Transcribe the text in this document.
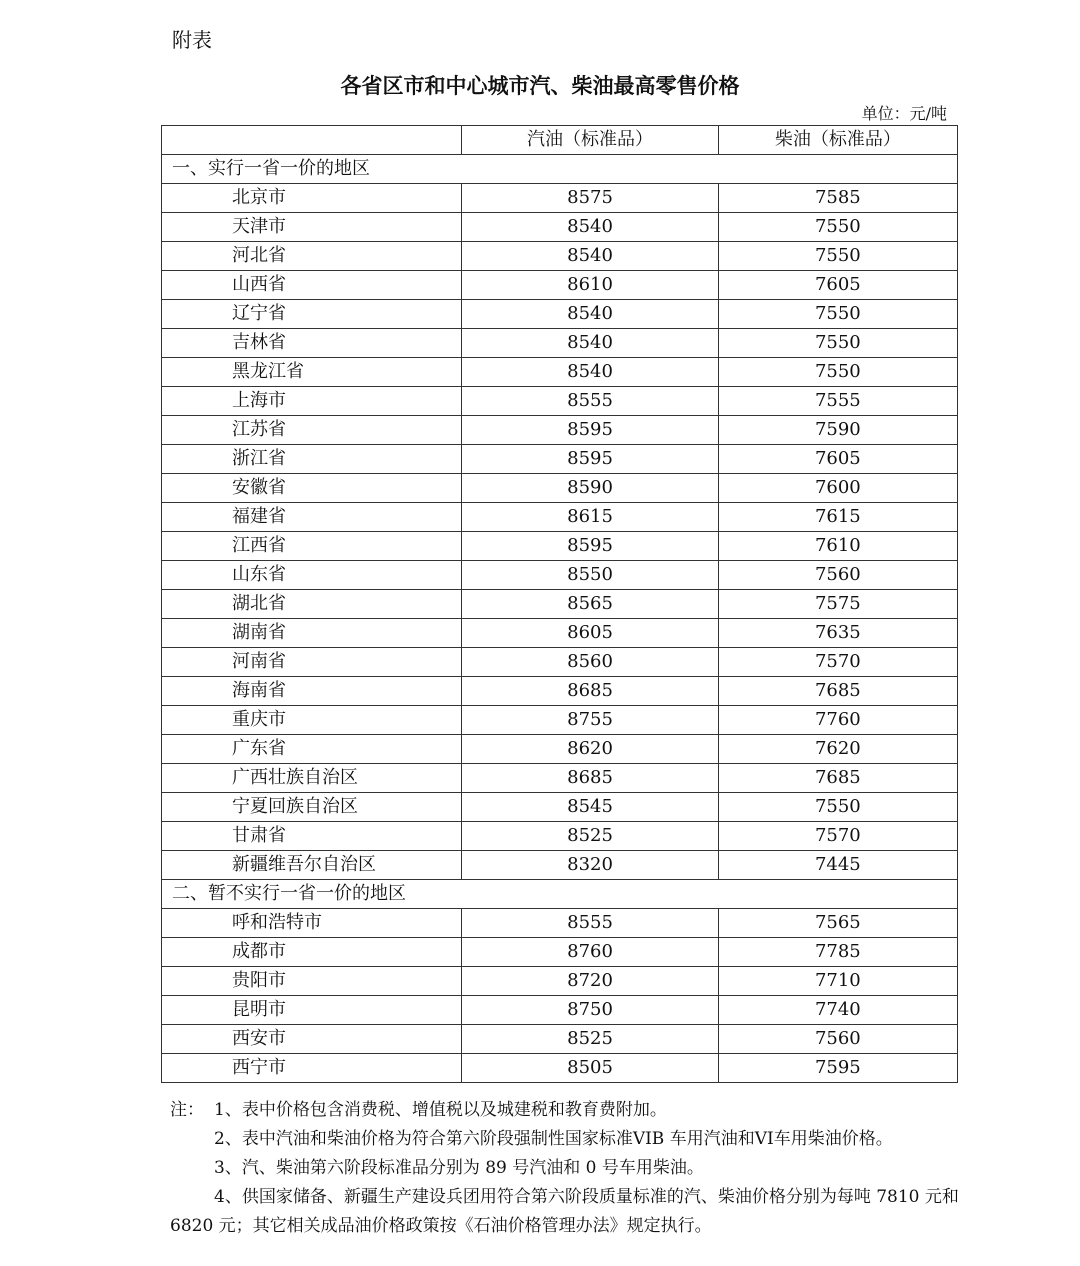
附表
各省区市和中心城市汽、柴油最高零售价格
单位：元/吨
	汽油（标准品）	柴油（标准品）
一、实行一省一价的地区		
北京市	8575	7585
天津市	8540	7550
河北省	8540	7550
山西省	8610	7605
辽宁省	8540	7550
吉林省	8540	7550
黑龙江省	8540	7550
上海市	8555	7555
江苏省	8595	7590
浙江省	8595	7605
安徽省	8590	7600
福建省	8615	7615
江西省	8595	7610
山东省	8550	7560
湖北省	8565	7575
湖南省	8605	7635
河南省	8560	7570
海南省	8685	7685
重庆市	8755	7760
广东省	8620	7620
广西壮族自治区	8685	7685
宁夏回族自治区	8545	7550
甘肃省	8525	7570
新疆维吾尔自治区	8320	7445
二、暂不实行一省一价的地区		
呼和浩特市	8555	7565
成都市	8760	7785
贵阳市	8720	7710
昆明市	8750	7740
西安市	8525	7560
西宁市	8505	7595

注： 1、表中价格包含消费税、增值税以及城建税和教育费附加。

2、表中汽油和柴油价格为符合第六阶段强制性国家标准VIB 车用汽油和VI车用柴油价格。

3、汽、柴油第六阶段标准品分别为 89 号汽油和 0 号车用柴油。

4、供国家储备、新疆生产建设兵团用符合第六阶段质量标准的汽、柴油价格分别为每吨 7810 元和 6820 元；其它相关成品油价格政策按《石油价格管理办法》规定执行。
